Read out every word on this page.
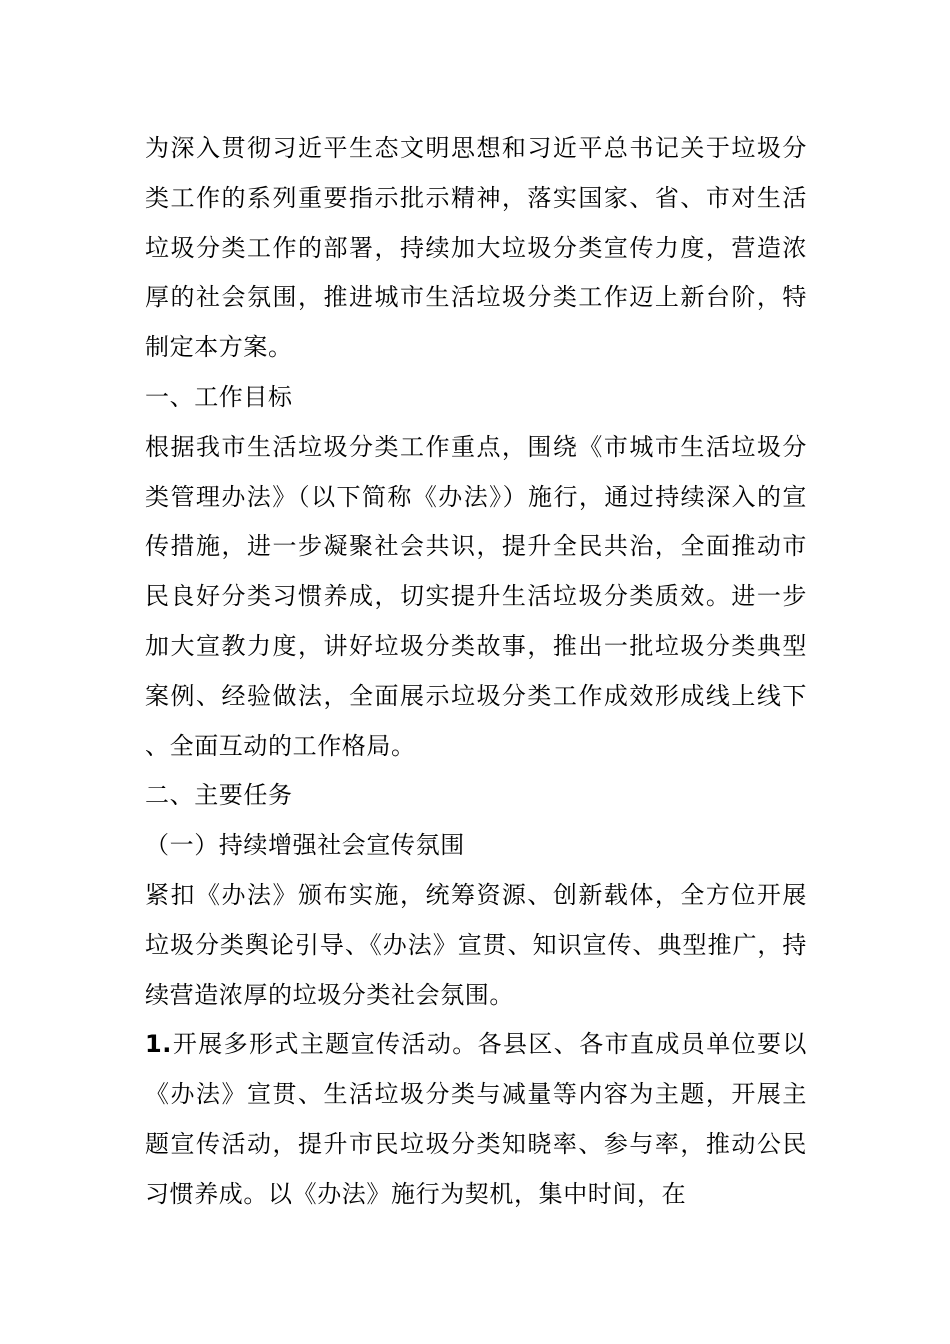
为深入贯彻习近平生态文明思想和习近平总书记关于垃圾分类工作的系列重要指示批示精神，落实国家、省、市对生活垃圾分类工作的部署，持续加大垃圾分类宣传力度，营造浓厚的社会氛围，推进城市生活垃圾分类工作迈上新台阶，特制定本方案。

一、工作目标

根据我市生活垃圾分类工作重点，围绕《市城市生活垃圾分类管理办法》（以下简称《办法》）施行，通过持续深入的宣传措施，进一步凝聚社会共识，提升全民共治，全面推动市民良好分类习惯养成，切实提升生活垃圾分类质效。进一步加大宣教力度，讲好垃圾分类故事，推出一批垃圾分类典型案例、经验做法，全面展示垃圾分类工作成效形成线上线下、全面互动的工作格局。

二、主要任务

（一）持续增强社会宣传氛围

紧扣《办法》颁布实施，统筹资源、创新载体，全方位开展垃圾分类舆论引导、《办法》宣贯、知识宣传、典型推广，持续营造浓厚的垃圾分类社会氛围。

1.开展多形式主题宣传活动。各县区、各市直成员单位要以《办法》宣贯、生活垃圾分类与减量等内容为主题，开展主题宣传活动，提升市民垃圾分类知晓率、参与率，推动公民习惯养成。以《办法》施行为契机，集中时间，在
